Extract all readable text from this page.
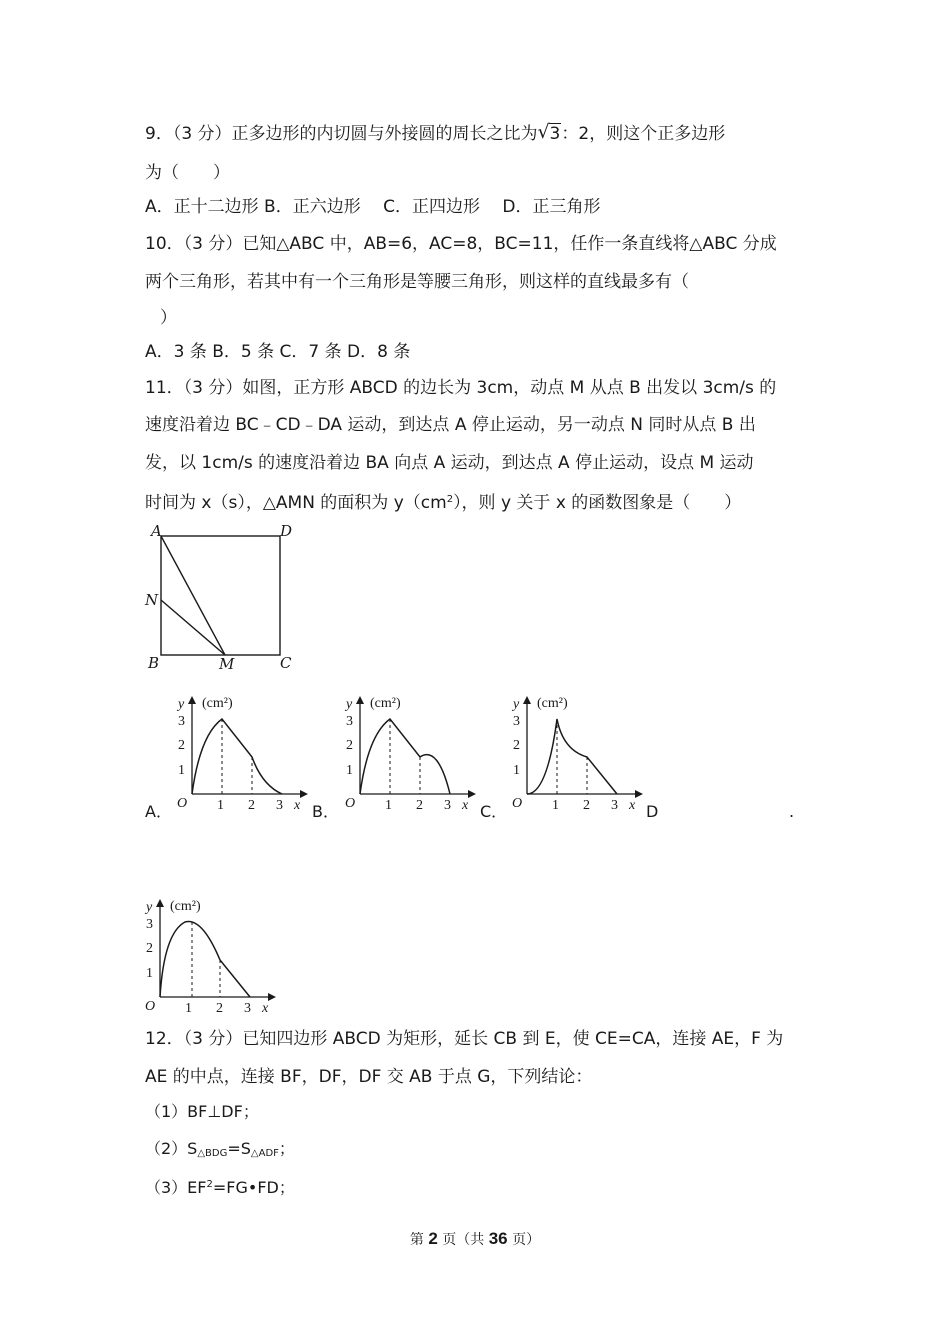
9．（3 分）正多边形的内切圆与外接圆的周长之比为 √ 3：2，则这个正多边形
为（　　）
A．正十二边形 B．正六边形　 C．正四边形　 D．正三角形
10．（3 分）已知△ABC 中，AB=6，AC=8，BC=11，任作一条直线将△ABC 分成
两个三角形，若其中有一个三角形是等腰三角形，则这样的直线最多有（
）
A．3 条 B．5 条 C．7 条 D．8 条
11．（3 分）如图，正方形 ABCD 的边长为 3cm，动点 M 从点 B 出发以 3cm/s 的
速度沿着边 BC﹣CD﹣DA 运动，到达点 A 停止运动，另一动点 N 同时从点 B 出
发，以 1cm/s 的速度沿着边 BA 向点 A 运动，到达点 A 停止运动，设点 M 运动
时间为 x（s），△AMN 的面积为 $y(cm^2)$，则 y 关于 x 的函数图象是（　　）
A	D
N
B	M	C
A．	B．	C．	D	.
y (cm²)
3
2
1
O 1 2 3 x
y (cm²)
3
2
1
O 1 2 3 x
y (cm²)
3
2
1
O 1 2 3 x
y (cm²)
3
2
1
O 1 2 3 x
12．（3 分）已知四边形 ABCD 为矩形，延长 CB 到 E，使 CE=CA，连接 AE，F 为
AE 的中点，连接 BF，DF，DF 交 AB 于点 G，下列结论：
（1）BF⊥DF；
$(2)S_{\triangle BDG}=S_{\triangle ADF}$；
$(3)EF^2=FG•FD$；
第 2 页（共 36 页）
